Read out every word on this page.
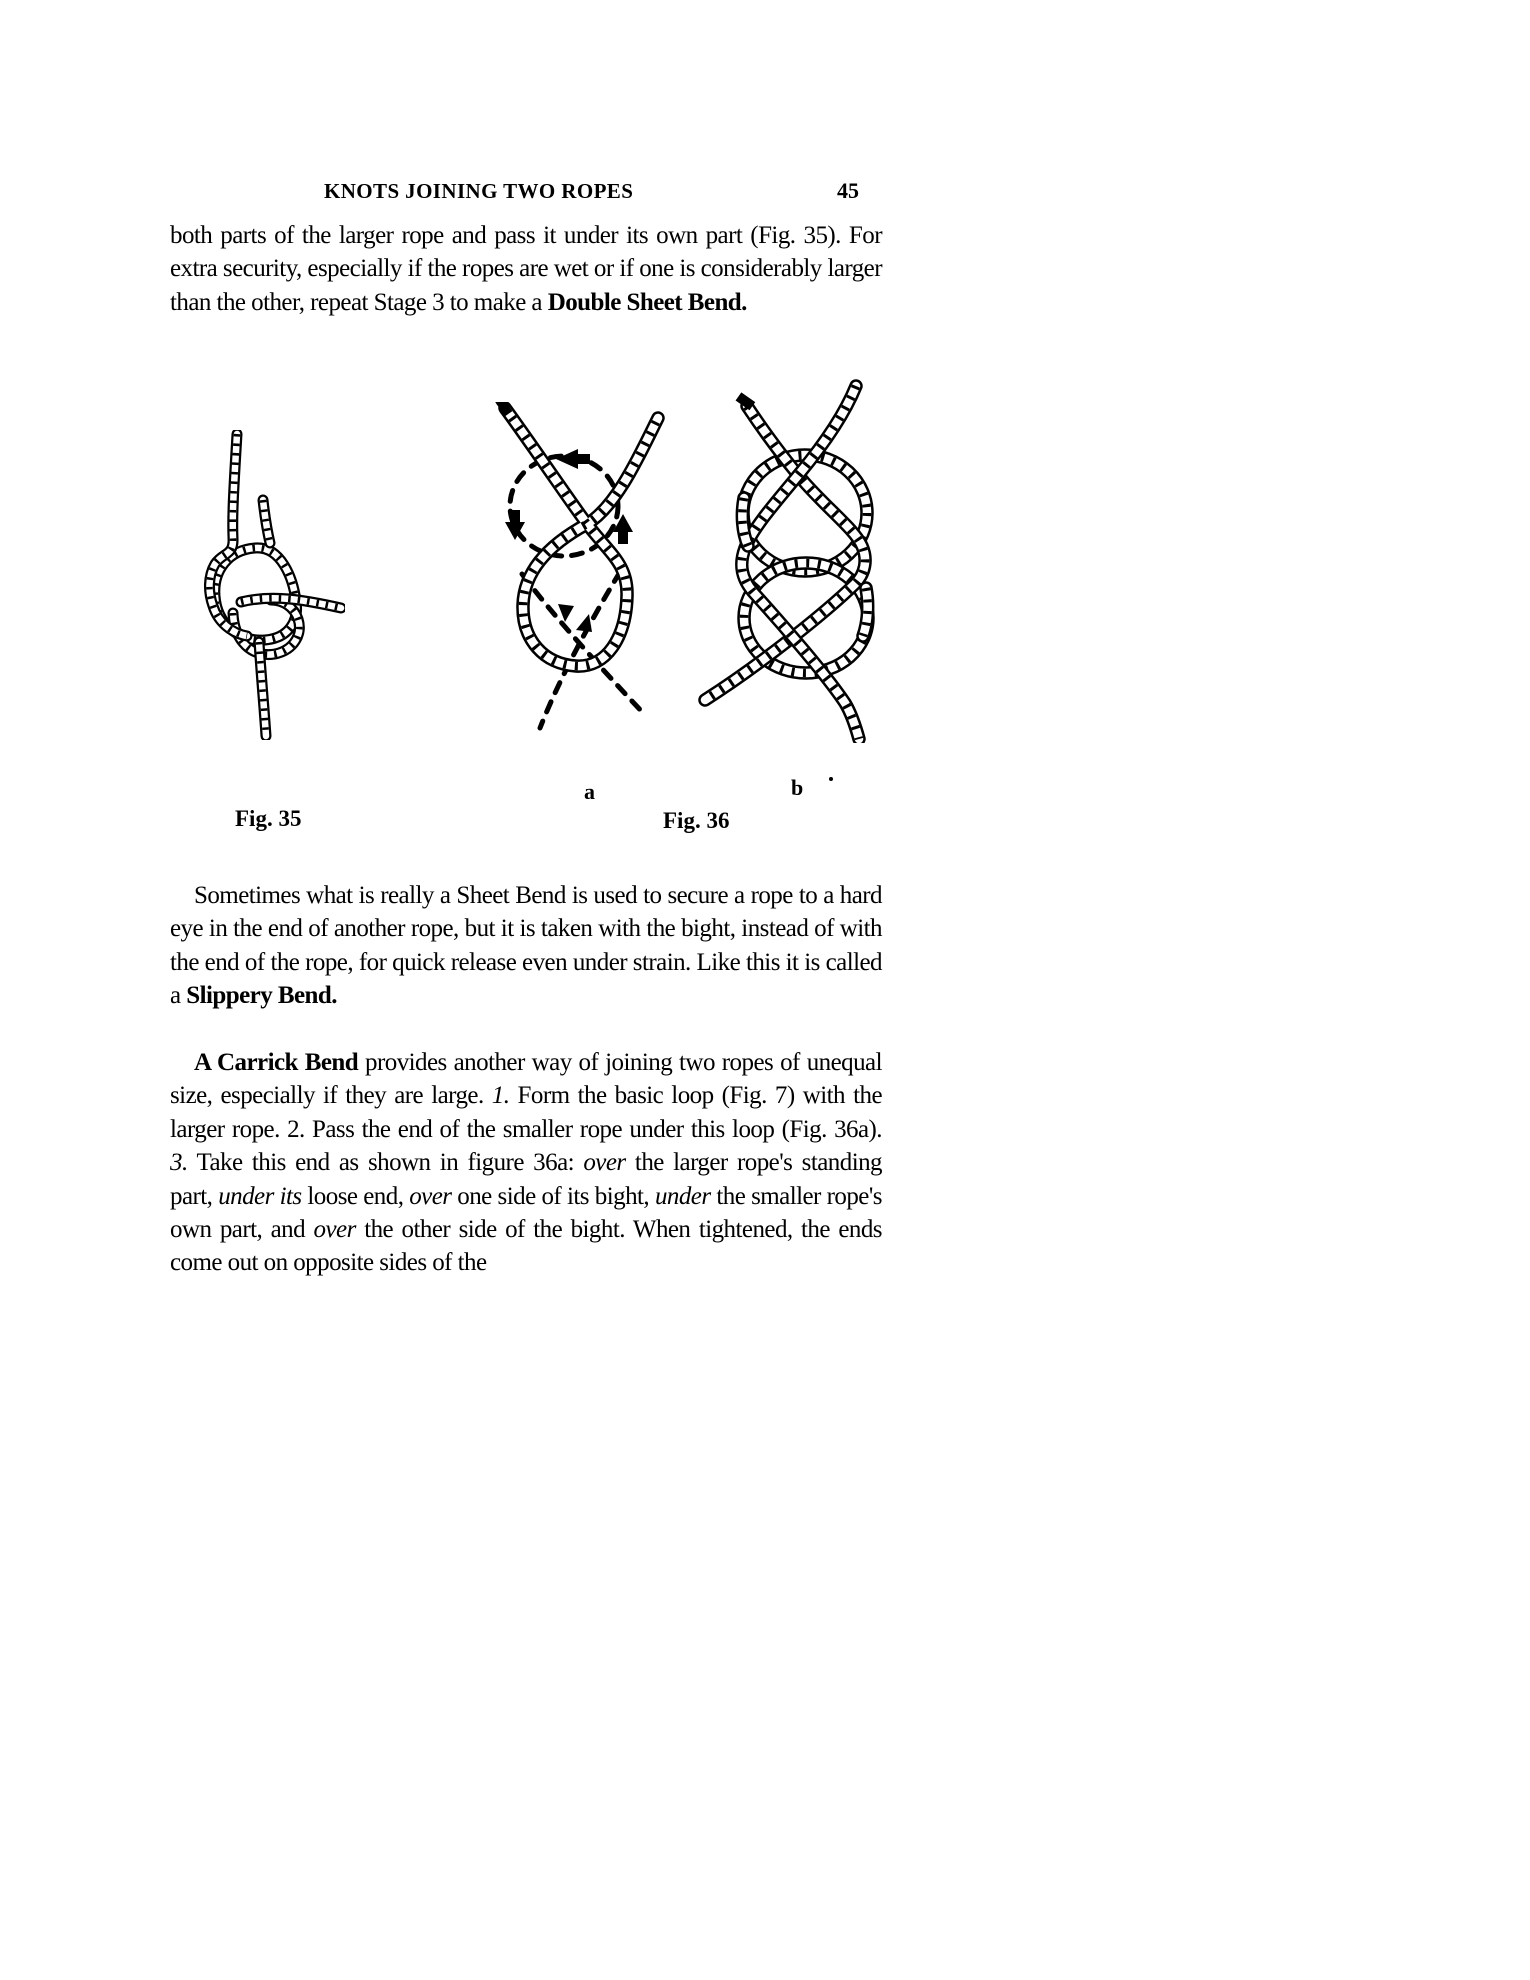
KNOTS JOINING TWO ROPES	45

both parts of the larger rope and pass it under its own part (Fig. 35). For extra security, especially if the ropes are wet or if one is considerably larger than the other, repeat Stage 3 to make a Double Sheet Bend.

a	b
Fig. 35	Fig. 36

Sometimes what is really a Sheet Bend is used to secure a rope to a hard eye in the end of another rope, but it is taken with the bight, instead of with the end of the rope, for quick release even under strain. Like this it is called a Slippery Bend.

A Carrick Bend provides another way of joining two ropes of unequal size, especially if they are large. 1. Form the basic loop (Fig. 7) with the larger rope. 2. Pass the end of the smaller rope under this loop (Fig. 36a). 3. Take this end as shown in figure 36a: over the larger rope's standing part, under its loose end, over one side of its bight, under the smaller rope's own part, and over the other side of the bight. When tightened, the ends come out on opposite sides of the
